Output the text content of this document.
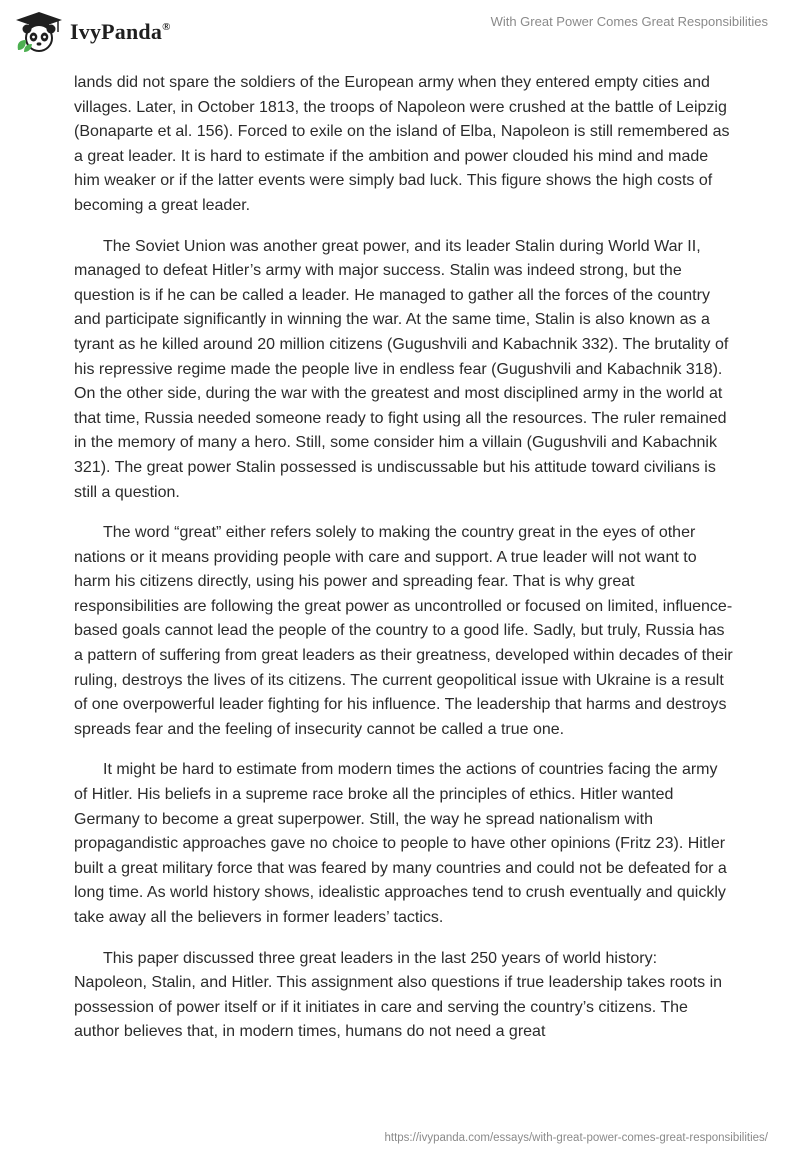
IvyPanda®	With Great Power Comes Great Responsibilities

lands did not spare the soldiers of the European army when they entered empty cities and villages. Later, in October 1813, the troops of Napoleon were crushed at the battle of Leipzig (Bonaparte et al. 156). Forced to exile on the island of Elba, Napoleon is still remembered as a great leader. It is hard to estimate if the ambition and power clouded his mind and made him weaker or if the latter events were simply bad luck. This figure shows the high costs of becoming a great leader.

The Soviet Union was another great power, and its leader Stalin during World War II, managed to defeat Hitler’s army with major success. Stalin was indeed strong, but the question is if he can be called a leader. He managed to gather all the forces of the country and participate significantly in winning the war. At the same time, Stalin is also known as a tyrant as he killed around 20 million citizens (Gugushvili and Kabachnik 332). The brutality of his repressive regime made the people live in endless fear (Gugushvili and Kabachnik 318). On the other side, during the war with the greatest and most disciplined army in the world at that time, Russia needed someone ready to fight using all the resources. The ruler remained in the memory of many a hero. Still, some consider him a villain (Gugushvili and Kabachnik 321). The great power Stalin possessed is undiscussable but his attitude toward civilians is still a question.

The word “great” either refers solely to making the country great in the eyes of other nations or it means providing people with care and support. A true leader will not want to harm his citizens directly, using his power and spreading fear. That is why great responsibilities are following the great power as uncontrolled or focused on limited, influence-based goals cannot lead the people of the country to a good life. Sadly, but truly, Russia has a pattern of suffering from great leaders as their greatness, developed within decades of their ruling, destroys the lives of its citizens. The current geopolitical issue with Ukraine is a result of one overpowerful leader fighting for his influence. The leadership that harms and destroys spreads fear and the feeling of insecurity cannot be called a true one.

It might be hard to estimate from modern times the actions of countries facing the army of Hitler. His beliefs in a supreme race broke all the principles of ethics. Hitler wanted Germany to become a great superpower. Still, the way he spread nationalism with propagandistic approaches gave no choice to people to have other opinions (Fritz 23). Hitler built a great military force that was feared by many countries and could not be defeated for a long time. As world history shows, idealistic approaches tend to crush eventually and quickly take away all the believers in former leaders’ tactics.

This paper discussed three great leaders in the last 250 years of world history: Napoleon, Stalin, and Hitler. This assignment also questions if true leadership takes roots in possession of power itself or if it initiates in care and serving the country’s citizens. The author believes that, in modern times, humans do not need a great

https://ivypanda.com/essays/with-great-power-comes-great-responsibilities/
